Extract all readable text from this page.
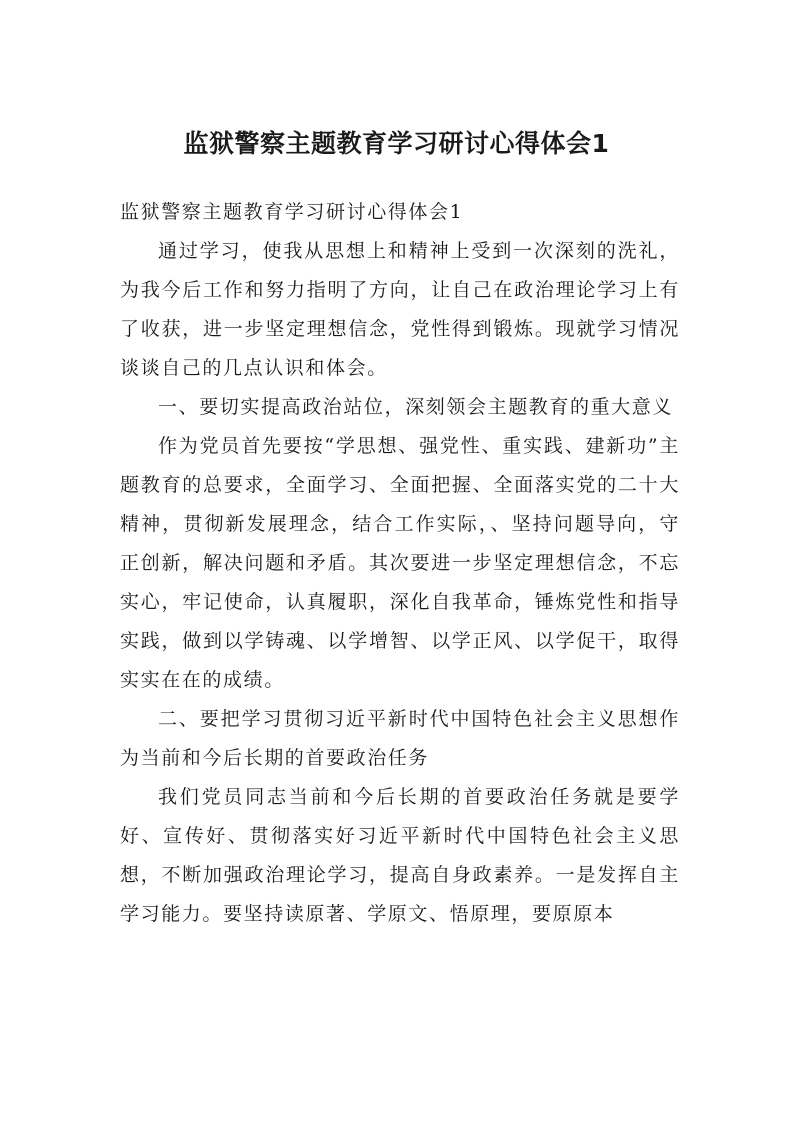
监狱警察主题教育学习研讨心得体会1

监狱警察主题教育学习研讨心得体会1

通过学习，使我从思想上和精神上受到一次深刻的洗礼，为我今后工作和努力指明了方向，让自己在政治理论学习上有了收获，进一步坚定理想信念，党性得到锻炼。现就学习情况谈谈自己的几点认识和体会。

一、要切实提高政治站位，深刻领会主题教育的重大意义

作为党员首先要按“学思想、强党性、重实践、建新功”主题教育的总要求，全面学习、全面把握、全面落实党的二十大精神，贯彻新发展理念，结合工作实际，、坚持问题导向，守正创新，解决问题和矛盾。其次要进一步坚定理想信念，不忘实心，牢记使命，认真履职，深化自我革命，锤炼党性和指导实践，做到以学铸魂、以学增智、以学正风、以学促干，取得实实在在的成绩。

二、要把学习贯彻习近平新时代中国特色社会主义思想作为当前和今后长期的首要政治任务

我们党员同志当前和今后长期的首要政治任务就是要学好、宣传好、贯彻落实好习近平新时代中国特色社会主义思想，不断加强政治理论学习，提高自身政素养。一是发挥自主学习能力。要坚持读原著、学原文、悟原理，要原原本
